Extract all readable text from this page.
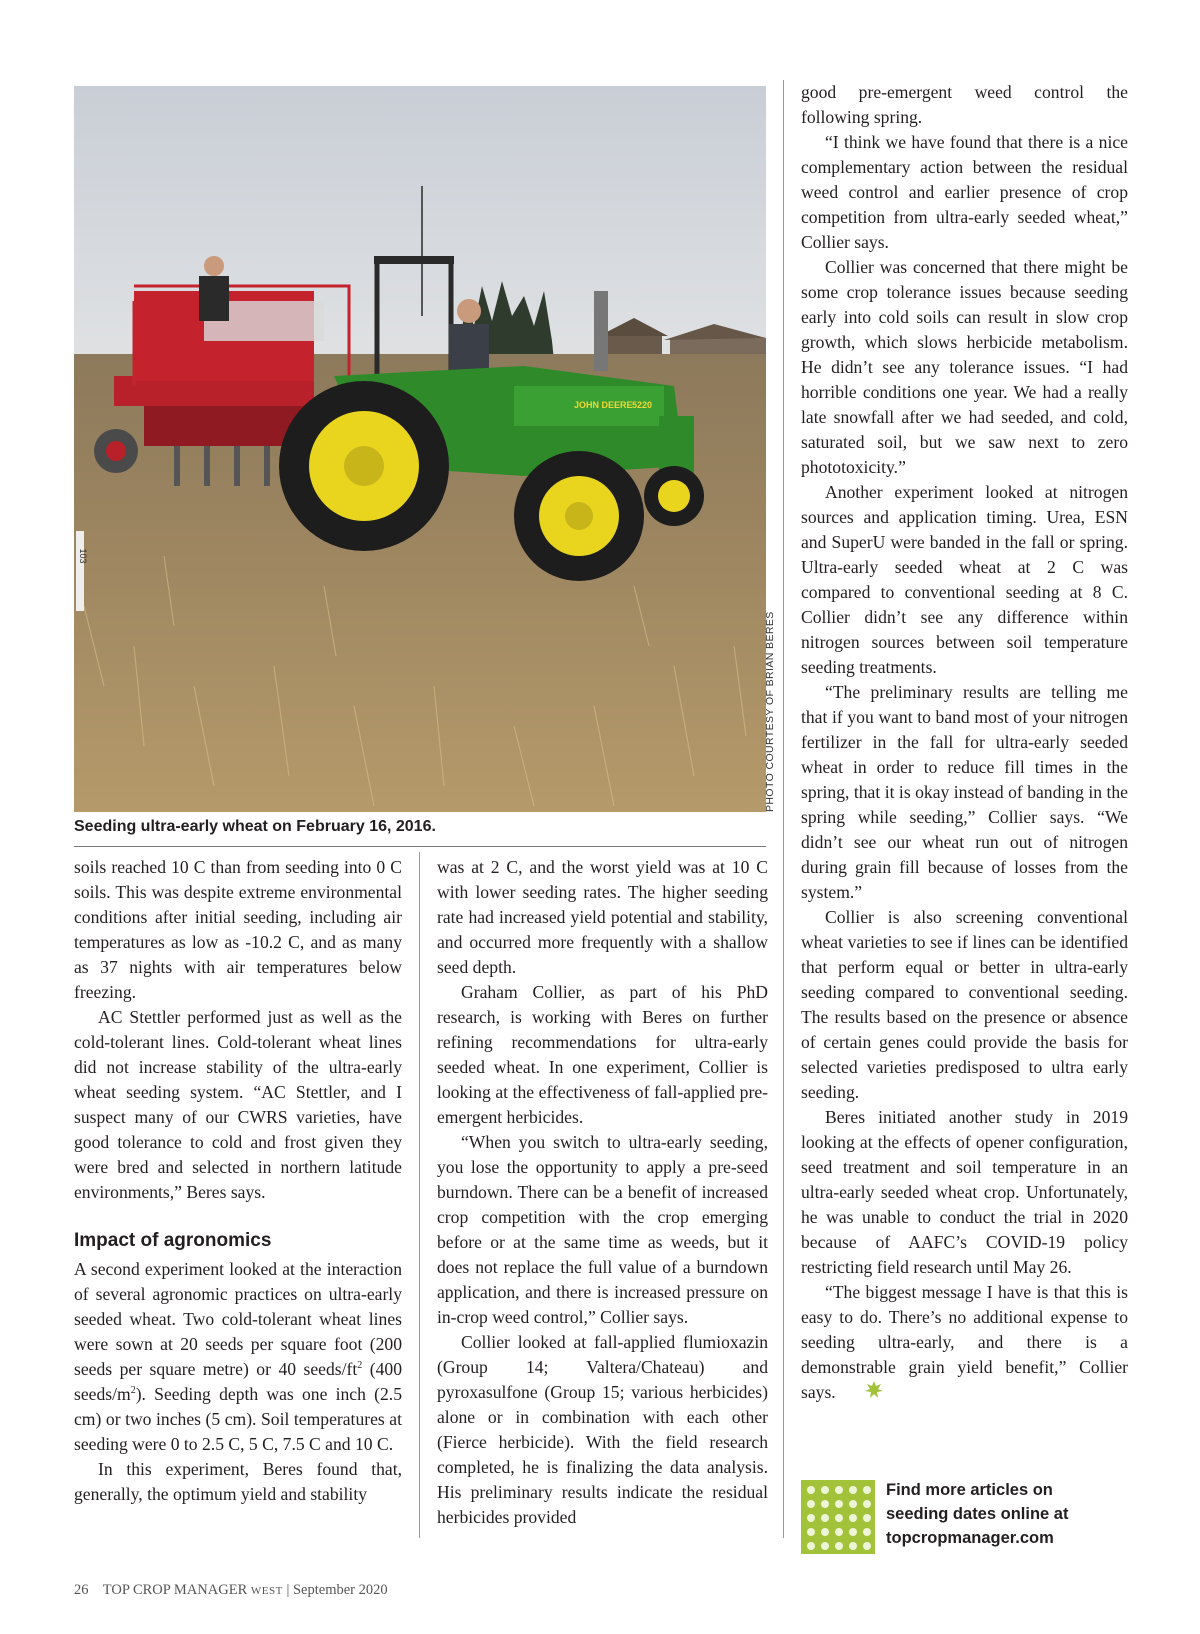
103
JOHN DEERE 5220
PHOTO COURTESY OF BRIAN BERES
Seeding ultra-early wheat on February 16, 2016.

soils reached 10 C than from seeding into 0 C soils. This was despite extreme environmental conditions after initial seeding, including air temperatures as low as -10.2 C, and as many as 37 nights with air temperatures below freezing.

AC Stettler performed just as well as the cold-tolerant lines. Cold-tolerant wheat lines did not increase stability of the ultra-early wheat seeding system. “AC Stettler, and I suspect many of our CWRS varieties, have good tolerance to cold and frost given they were bred and selected in northern latitude environments,” Beres says.

Impact of agronomics

A second experiment looked at the interaction of several agronomic practices on ultra-early seeded wheat. Two cold-tolerant wheat lines were sown at 20 seeds per square foot (200 seeds per square metre) or 40 seeds/$ft^2$ (400 seeds/$m^2$). Seeding depth was one inch (2.5 cm) or two inches (5 cm). Soil temperatures at seeding were 0 to 2.5 C, 5 C, 7.5 C and 10 C.

In this experiment, Beres found that, generally, the optimum yield and stability

was at 2 C, and the worst yield was at 10 C with lower seeding rates. The higher seeding rate had increased yield potential and stability, and occurred more frequently with a shallow seed depth.

Graham Collier, as part of his PhD research, is working with Beres on further refining recommendations for ultra-early seeded wheat. In one experiment, Collier is looking at the effectiveness of fall-applied pre-emergent herbicides.

“When you switch to ultra-early seeding, you lose the opportunity to apply a pre-seed burndown. There can be a benefit of increased crop competition with the crop emerging before or at the same time as weeds, but it does not replace the full value of a burndown application, and there is increased pressure on in-crop weed control,” Collier says.

Collier looked at fall-applied flumioxazin (Group 14; Valtera/Chateau) and pyroxasulfone (Group 15; various herbicides) alone or in combination with each other (Fierce herbicide). With the field research completed, he is finalizing the data analysis. His preliminary results indicate the residual herbicides provided

good pre-emergent weed control the following spring.

“I think we have found that there is a nice complementary action between the residual weed control and earlier presence of crop competition from ultra-early seeded wheat,” Collier says.

Collier was concerned that there might be some crop tolerance issues because seeding early into cold soils can result in slow crop growth, which slows herbicide metabolism. He didn’t see any tolerance issues. “I had horrible conditions one year. We had a really late snowfall after we had seeded, and cold, saturated soil, but we saw next to zero phototoxicity.”

Another experiment looked at nitrogen sources and application timing. Urea, ESN and SuperU were banded in the fall or spring. Ultra-early seeded wheat at 2 C was compared to conventional seeding at 8 C. Collier didn’t see any difference within nitrogen sources between soil temperature seeding treatments.

“The preliminary results are telling me that if you want to band most of your nitrogen fertilizer in the fall for ultra-early seeded wheat in order to reduce fill times in the spring, that it is okay instead of banding in the spring while seeding,” Collier says. “We didn’t see our wheat run out of nitrogen during grain fill because of losses from the system.”

Collier is also screening conventional wheat varieties to see if lines can be identified that perform equal or better in ultra-early seeding compared to conventional seeding. The results based on the presence or absence of certain genes could provide the basis for selected varieties predisposed to ultra early seeding.

Beres initiated another study in 2019 looking at the effects of opener configuration, seed treatment and soil temperature in an ultra-early seeded wheat crop. Unfortunately, he was unable to conduct the trial in 2020 because of AAFC’s COVID-19 policy restricting field research until May 26.

“The biggest message I have is that this is easy to do. There’s no additional expense to seeding ultra-early, and there is a demonstrable grain yield benefit,” Collier says.

Find more articles on
seeding dates online at
topcropmanager.com
26 TOP CROP MANAGER WEST | September 2020
